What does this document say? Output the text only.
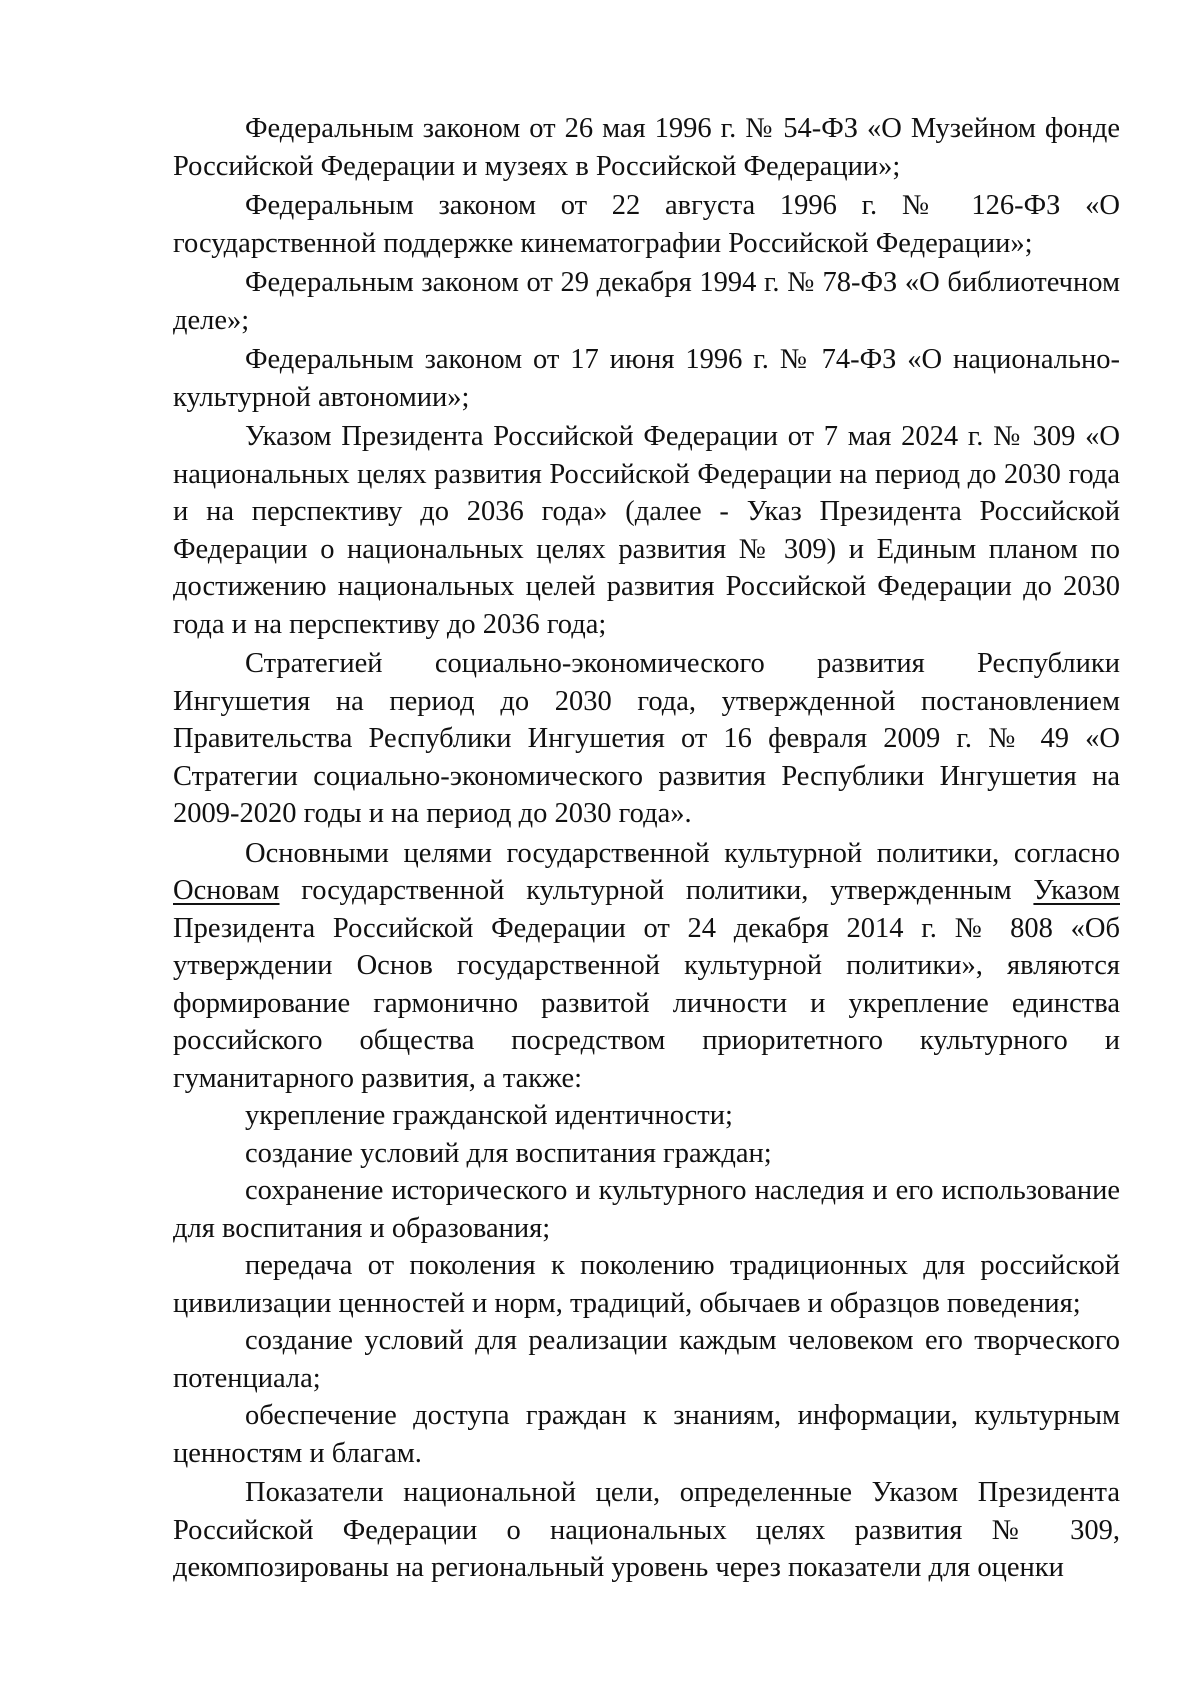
Федеральным законом от 26 мая 1996 г. № 54-ФЗ «О Музейном фонде Российской Федерации и музеях в Российской Федерации»;

Федеральным законом от 22 августа 1996 г. № 126-ФЗ «О государственной поддержке кинематографии Российской Федерации»;

Федеральным законом от 29 декабря 1994 г. № 78-ФЗ «О библиотечном деле»;

Федеральным законом от 17 июня 1996 г. № 74-ФЗ «О национально-культурной автономии»;

Указом Президента Российской Федерации от 7 мая 2024 г. № 309 «О национальных целях развития Российской Федерации на период до 2030 года и на перспективу до 2036 года» (далее - Указ Президента Российской Федерации о национальных целях развития № 309) и Единым планом по достижению национальных целей развития Российской Федерации до 2030 года и на перспективу до 2036 года;

Стратегией социально-экономического развития Республики Ингушетия на период до 2030 года, утвержденной постановлением Правительства Республики Ингушетия от 16 февраля 2009 г. № 49 «О Стратегии социально-экономического развития Республики Ингушетия на 2009-2020 годы и на период до 2030 года».

Основными целями государственной культурной политики, согласно Основам государственной культурной политики, утвержденным Указом Президента Российской Федерации от 24 декабря 2014 г. № 808 «Об утверждении Основ государственной культурной политики», являются формирование гармонично развитой личности и укрепление единства российского общества посредством приоритетного культурного и гуманитарного развития, а также:

укрепление гражданской идентичности;

создание условий для воспитания граждан;

сохранение исторического и культурного наследия и его использование для воспитания и образования;

передача от поколения к поколению традиционных для российской цивилизации ценностей и норм, традиций, обычаев и образцов поведения;

создание условий для реализации каждым человеком его творческого потенциала;

обеспечение доступа граждан к знаниям, информации, культурным ценностям и благам.

Показатели национальной цели, определенные Указом Президента Российской Федерации о национальных целях развития № 309, декомпозированы на региональный уровень через показатели для оценки
